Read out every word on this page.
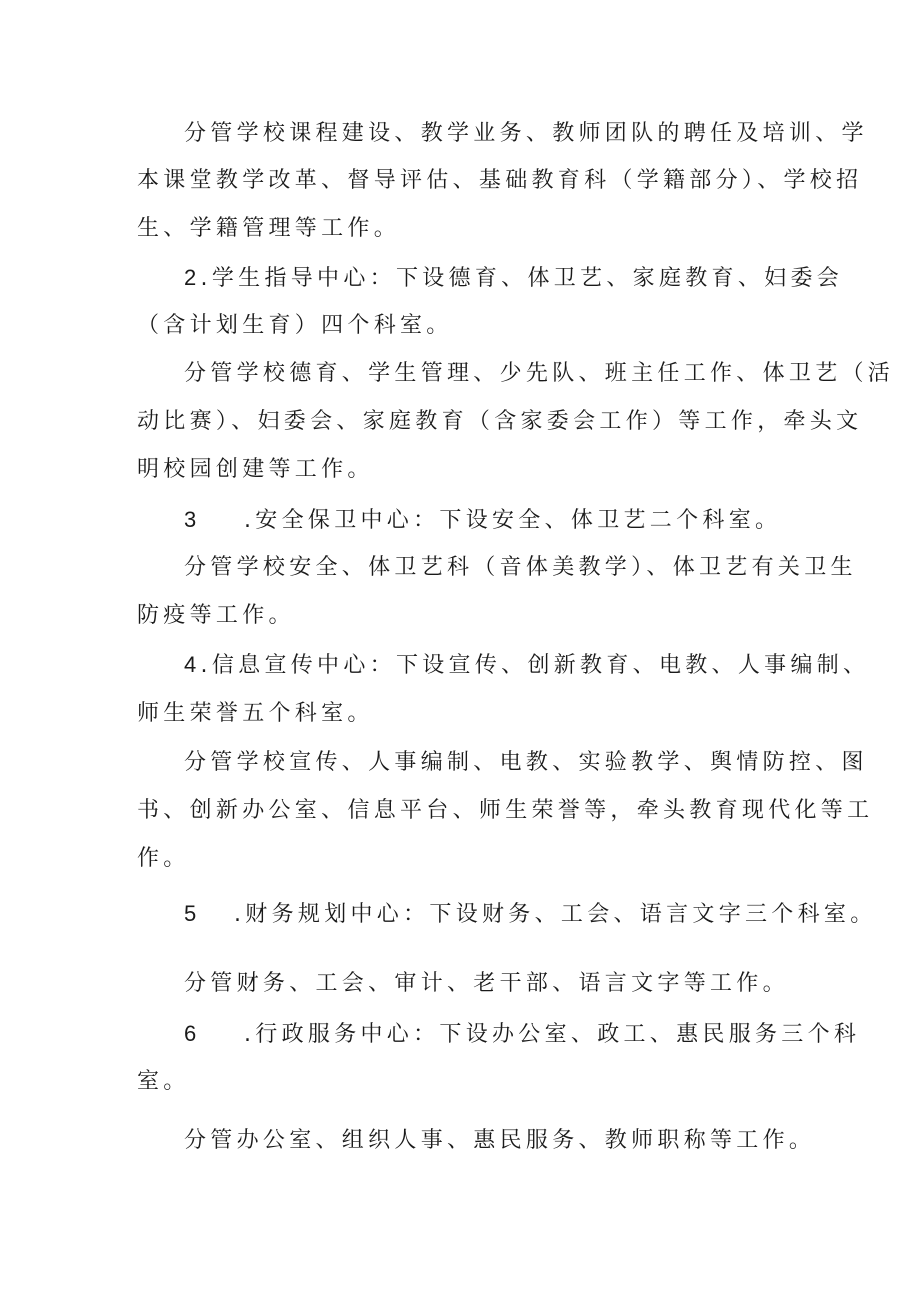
分管学校课程建设、教学业务、教师团队的聘任及培训、学
本课堂教学改革、督导评估、基础教育科（学籍部分）、学校招
生、学籍管理等工作。
2.学生指导中心：下设德育、体卫艺、家庭教育、妇委会
（含计划生育）四个科室。
分管学校德育、学生管理、少先队、班主任工作、体卫艺（活
动比赛）、妇委会、家庭教育（含家委会工作）等工作，牵头文
明校园创建等工作。
3 .安全保卫中心：下设安全、体卫艺二个科室。
分管学校安全、体卫艺科（音体美教学）、体卫艺有关卫生
防疫等工作。
4.信息宣传中心：下设宣传、创新教育、电教、人事编制、
师生荣誉五个科室。
分管学校宣传、人事编制、电教、实验教学、舆情防控、图
书、创新办公室、信息平台、师生荣誉等，牵头教育现代化等工
作。
5 .财务规划中心：下设财务、工会、语言文字三个科室。
分管财务、工会、审计、老干部、语言文字等工作。
6 .行政服务中心：下设办公室、政工、惠民服务三个科
室。
分管办公室、组织人事、惠民服务、教师职称等工作。
